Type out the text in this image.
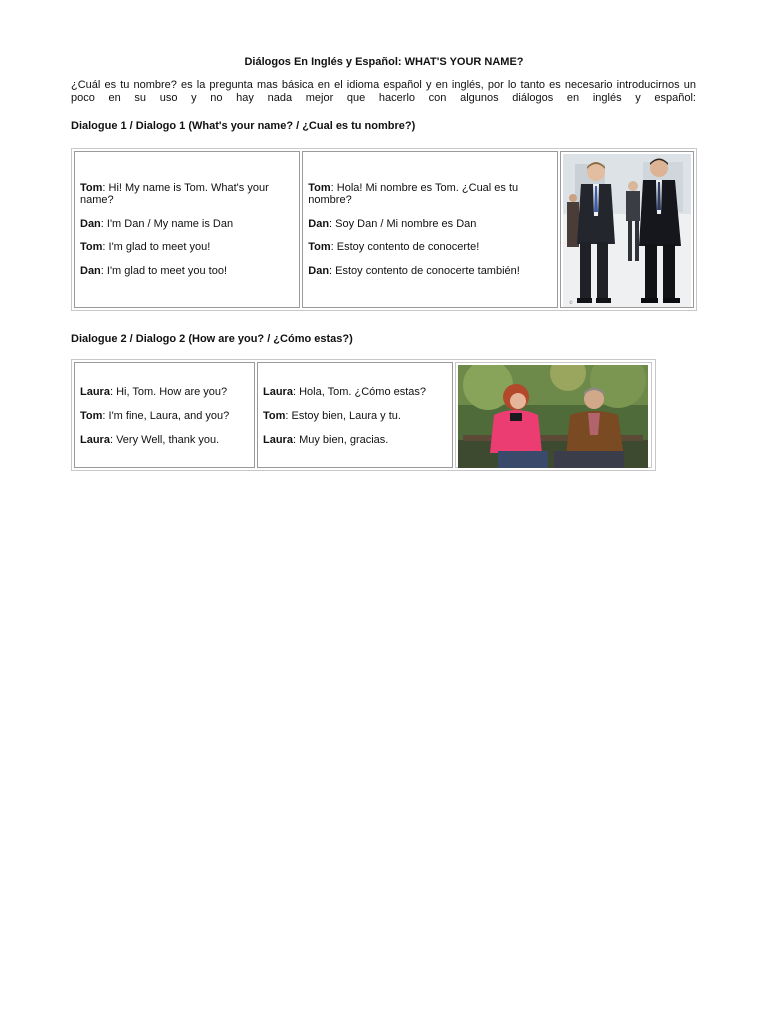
Diálogos En Inglés y Español: WHAT'S YOUR NAME?
¿Cuál es tu nombre? es la pregunta mas básica en el idioma español y en inglés, por lo tanto es necesario introducirnos un poco en su uso y no hay nada mejor que hacerlo con algunos diálogos en inglés y español:
Dialogue 1 / Dialogo 1 (What's your name? / ¿Cual es tu nombre?)
Tom: Hi! My name is Tom. What's your name?
Dan: I'm Dan / My name is Dan
Tom: I'm glad to meet you!
Dan: I'm glad to meet you too!
Tom: Hola! Mi nombre es Tom. ¿Cual es tu nombre?
Dan: Soy Dan / Mi nombre es Dan
Tom: Estoy contento de conocerte!
Dan: Estoy contento de conocerte también!
©
Dialogue 2 / Dialogo 2 (How are you? / ¿Cómo estas?)
Laura: Hi, Tom. How are you?
Tom: I'm fine, Laura, and you?
Laura: Very Well, thank you.
Laura: Hola, Tom. ¿Cómo estas?
Tom: Estoy bien, Laura y tu.
Laura: Muy bien, gracias.
